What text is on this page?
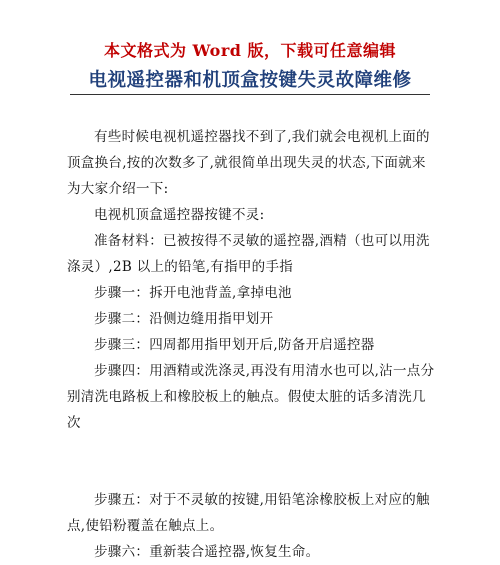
本文格式为 Word 版，下载可任意编辑
电视遥控器和机顶盒按键失灵故障维修

有些时候电视机遥控器找不到了,我们就会电视机上面的顶盒换台,按的次数多了,就很简单出现失灵的状态,下面就来为大家介绍一下:

电视机顶盒遥控器按键不灵:

准备材料：已被按得不灵敏的遥控器,酒精（也可以用洗涤灵）,2B 以上的铅笔,有指甲的手指

步骤一：拆开电池背盖,拿掉电池

步骤二：沿侧边缝用指甲划开

步骤三：四周都用指甲划开后,防备开启遥控器

步骤四：用酒精或洗涤灵,再没有用清水也可以,沾一点分别清洗电路板上和橡胶板上的触点。假使太脏的话多清洗几次

步骤五：对于不灵敏的按键,用铅笔涂橡胶板上对应的触点,使铅粉覆盖在触点上。

步骤六：重新装合遥控器,恢复生命。
